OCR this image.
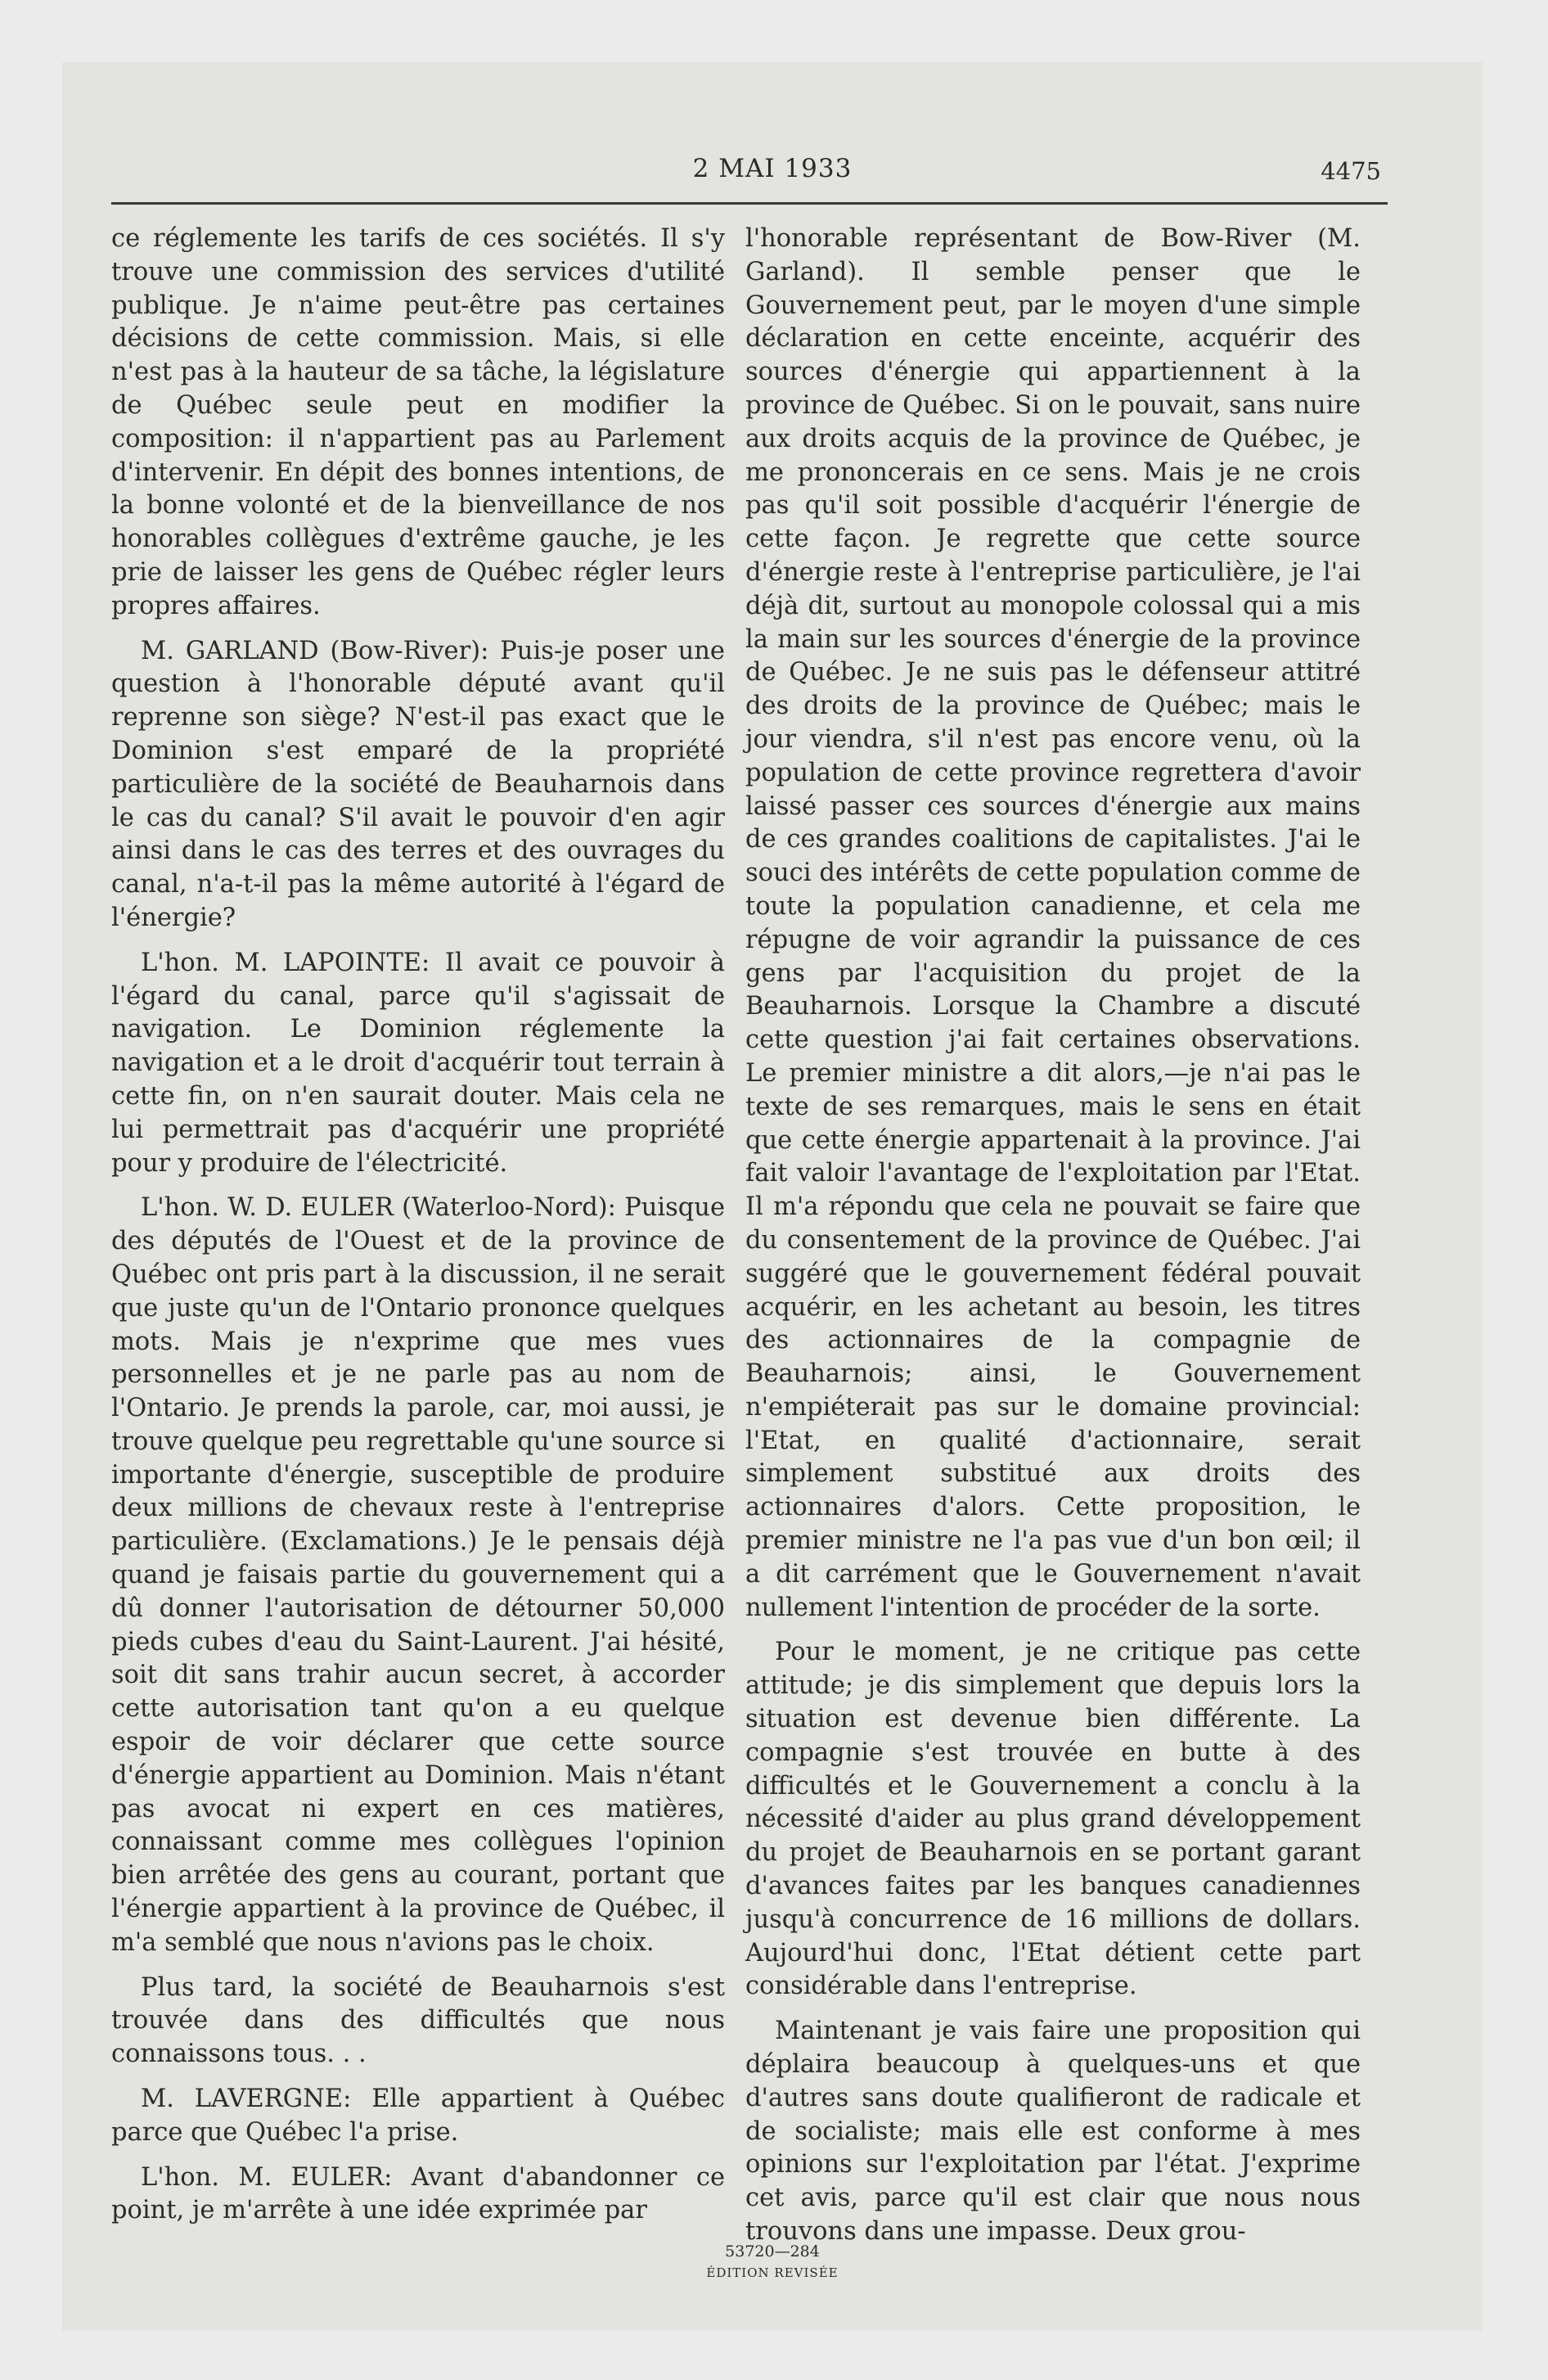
2 MAI 1933	4475

ce réglemente les tarifs de ces sociétés. Il s'y trouve une commission des services d'utilité publique. Je n'aime peut-être pas certaines décisions de cette commission. Mais, si elle n'est pas à la hauteur de sa tâche, la législature de Québec seule peut en modifier la composition: il n'appartient pas au Parlement d'intervenir. En dépit des bonnes intentions, de la bonne volonté et de la bienveillance de nos honorables collègues d'extrême gauche, je les prie de laisser les gens de Québec régler leurs propres affaires.

M. GARLAND (Bow-River): Puis-je poser une question à l'honorable député avant qu'il reprenne son siège? N'est-il pas exact que le Dominion s'est emparé de la propriété particulière de la société de Beauharnois dans le cas du canal? S'il avait le pouvoir d'en agir ainsi dans le cas des terres et des ouvrages du canal, n'a-t-il pas la même autorité à l'égard de l'énergie?

L'hon. M. LAPOINTE: Il avait ce pouvoir à l'égard du canal, parce qu'il s'agissait de navigation. Le Dominion réglemente la navigation et a le droit d'acquérir tout terrain à cette fin, on n'en saurait douter. Mais cela ne lui permettrait pas d'acquérir une propriété pour y produire de l'électricité.

L'hon. W. D. EULER (Waterloo-Nord): Puisque des députés de l'Ouest et de la province de Québec ont pris part à la discussion, il ne serait que juste qu'un de l'Ontario prononce quelques mots. Mais je n'exprime que mes vues personnelles et je ne parle pas au nom de l'Ontario. Je prends la parole, car, moi aussi, je trouve quelque peu regrettable qu'une source si importante d'énergie, susceptible de produire deux millions de chevaux reste à l'entreprise particulière. (Exclamations.) Je le pensais déjà quand je faisais partie du gouvernement qui a dû donner l'autorisation de détourner 50,000 pieds cubes d'eau du Saint-Laurent. J'ai hésité, soit dit sans trahir aucun secret, à accorder cette autorisation tant qu'on a eu quelque espoir de voir déclarer que cette source d'énergie appartient au Dominion. Mais n'étant pas avocat ni expert en ces matières, connaissant comme mes collègues l'opinion bien arrêtée des gens au courant, portant que l'énergie appartient à la province de Québec, il m'a semblé que nous n'avions pas le choix.

Plus tard, la société de Beauharnois s'est trouvée dans des difficultés que nous connaissons tous. . .

M. LAVERGNE: Elle appartient à Québec parce que Québec l'a prise.

L'hon. M. EULER: Avant d'abandonner ce point, je m'arrête à une idée exprimée par

l'honorable représentant de Bow-River (M. Garland). Il semble penser que le Gouvernement peut, par le moyen d'une simple déclaration en cette enceinte, acquérir des sources d'énergie qui appartiennent à la province de Québec. Si on le pouvait, sans nuire aux droits acquis de la province de Québec, je me prononcerais en ce sens. Mais je ne crois pas qu'il soit possible d'acquérir l'énergie de cette façon. Je regrette que cette source d'énergie reste à l'entreprise particulière, je l'ai déjà dit, surtout au monopole colossal qui a mis la main sur les sources d'énergie de la province de Québec. Je ne suis pas le défenseur attitré des droits de la province de Québec; mais le jour viendra, s'il n'est pas encore venu, où la population de cette province regrettera d'avoir laissé passer ces sources d'énergie aux mains de ces grandes coalitions de capitalistes. J'ai le souci des intérêts de cette population comme de toute la population canadienne, et cela me répugne de voir agrandir la puissance de ces gens par l'acquisition du projet de la Beauharnois. Lorsque la Chambre a discuté cette question j'ai fait certaines observations. Le premier ministre a dit alors,—je n'ai pas le texte de ses remarques, mais le sens en était que cette énergie appartenait à la province. J'ai fait valoir l'avantage de l'exploitation par l'Etat. Il m'a répondu que cela ne pouvait se faire que du consentement de la province de Québec. J'ai suggéré que le gouvernement fédéral pouvait acquérir, en les achetant au besoin, les titres des actionnaires de la compagnie de Beauharnois; ainsi, le Gouvernement n'empiéterait pas sur le domaine provincial: l'Etat, en qualité d'actionnaire, serait simplement substitué aux droits des actionnaires d'alors. Cette proposition, le premier ministre ne l'a pas vue d'un bon œil; il a dit carrément que le Gouvernement n'avait nullement l'intention de procéder de la sorte.

Pour le moment, je ne critique pas cette attitude; je dis simplement que depuis lors la situation est devenue bien différente. La compagnie s'est trouvée en butte à des difficultés et le Gouvernement a conclu à la nécessité d'aider au plus grand développement du projet de Beauharnois en se portant garant d'avances faites par les banques canadiennes jusqu'à concurrence de 16 millions de dollars. Aujourd'hui donc, l'Etat détient cette part considérable dans l'entreprise.

Maintenant je vais faire une proposition qui déplaira beaucoup à quelques-uns et que d'autres sans doute qualifieront de radicale et de socialiste; mais elle est conforme à mes opinions sur l'exploitation par l'état. J'exprime cet avis, parce qu'il est clair que nous nous trouvons dans une impasse. Deux grou-

53720—284
ÉDITION REVISÉE
